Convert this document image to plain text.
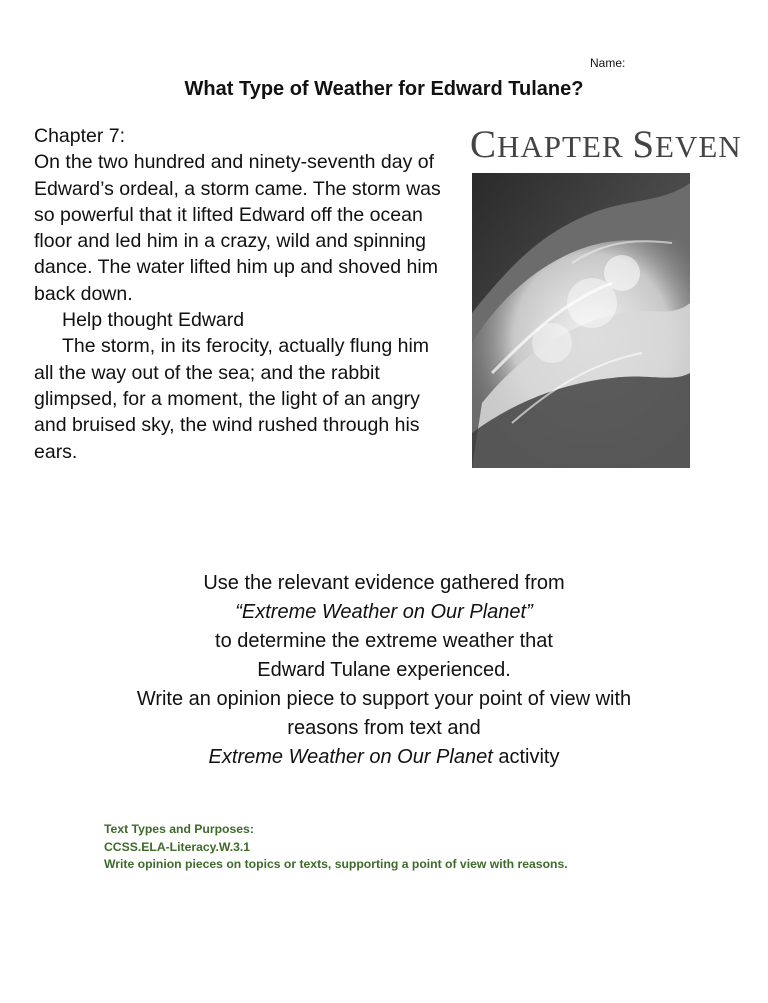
Name:
What Type of Weather for Edward Tulane?

Chapter 7:

On the two hundred and ninety-seventh day of Edward’s ordeal, a storm came. The storm was so powerful that it lifted Edward off the ocean floor and led him in a crazy, wild and spinning dance. The water lifted him up and shoved him back down.

Help thought Edward

The storm, in its ferocity, actually flung him all the way out of the sea; and the rabbit glimpsed, for a moment, the light of an angry and bruised sky, the wind rushed through his ears.

CHAPTER SEVEN
Use the relevant evidence gathered from
“Extreme Weather on Our Planet”
to determine the extreme weather that
Edward Tulane experienced.
Write an opinion piece to support your point of view with
reasons from text and
Extreme Weather on Our Planet activity
Text Types and Purposes:
CCSS.ELA-Literacy.W.3.1
Write opinion pieces on topics or texts, supporting a point of view with reasons.
